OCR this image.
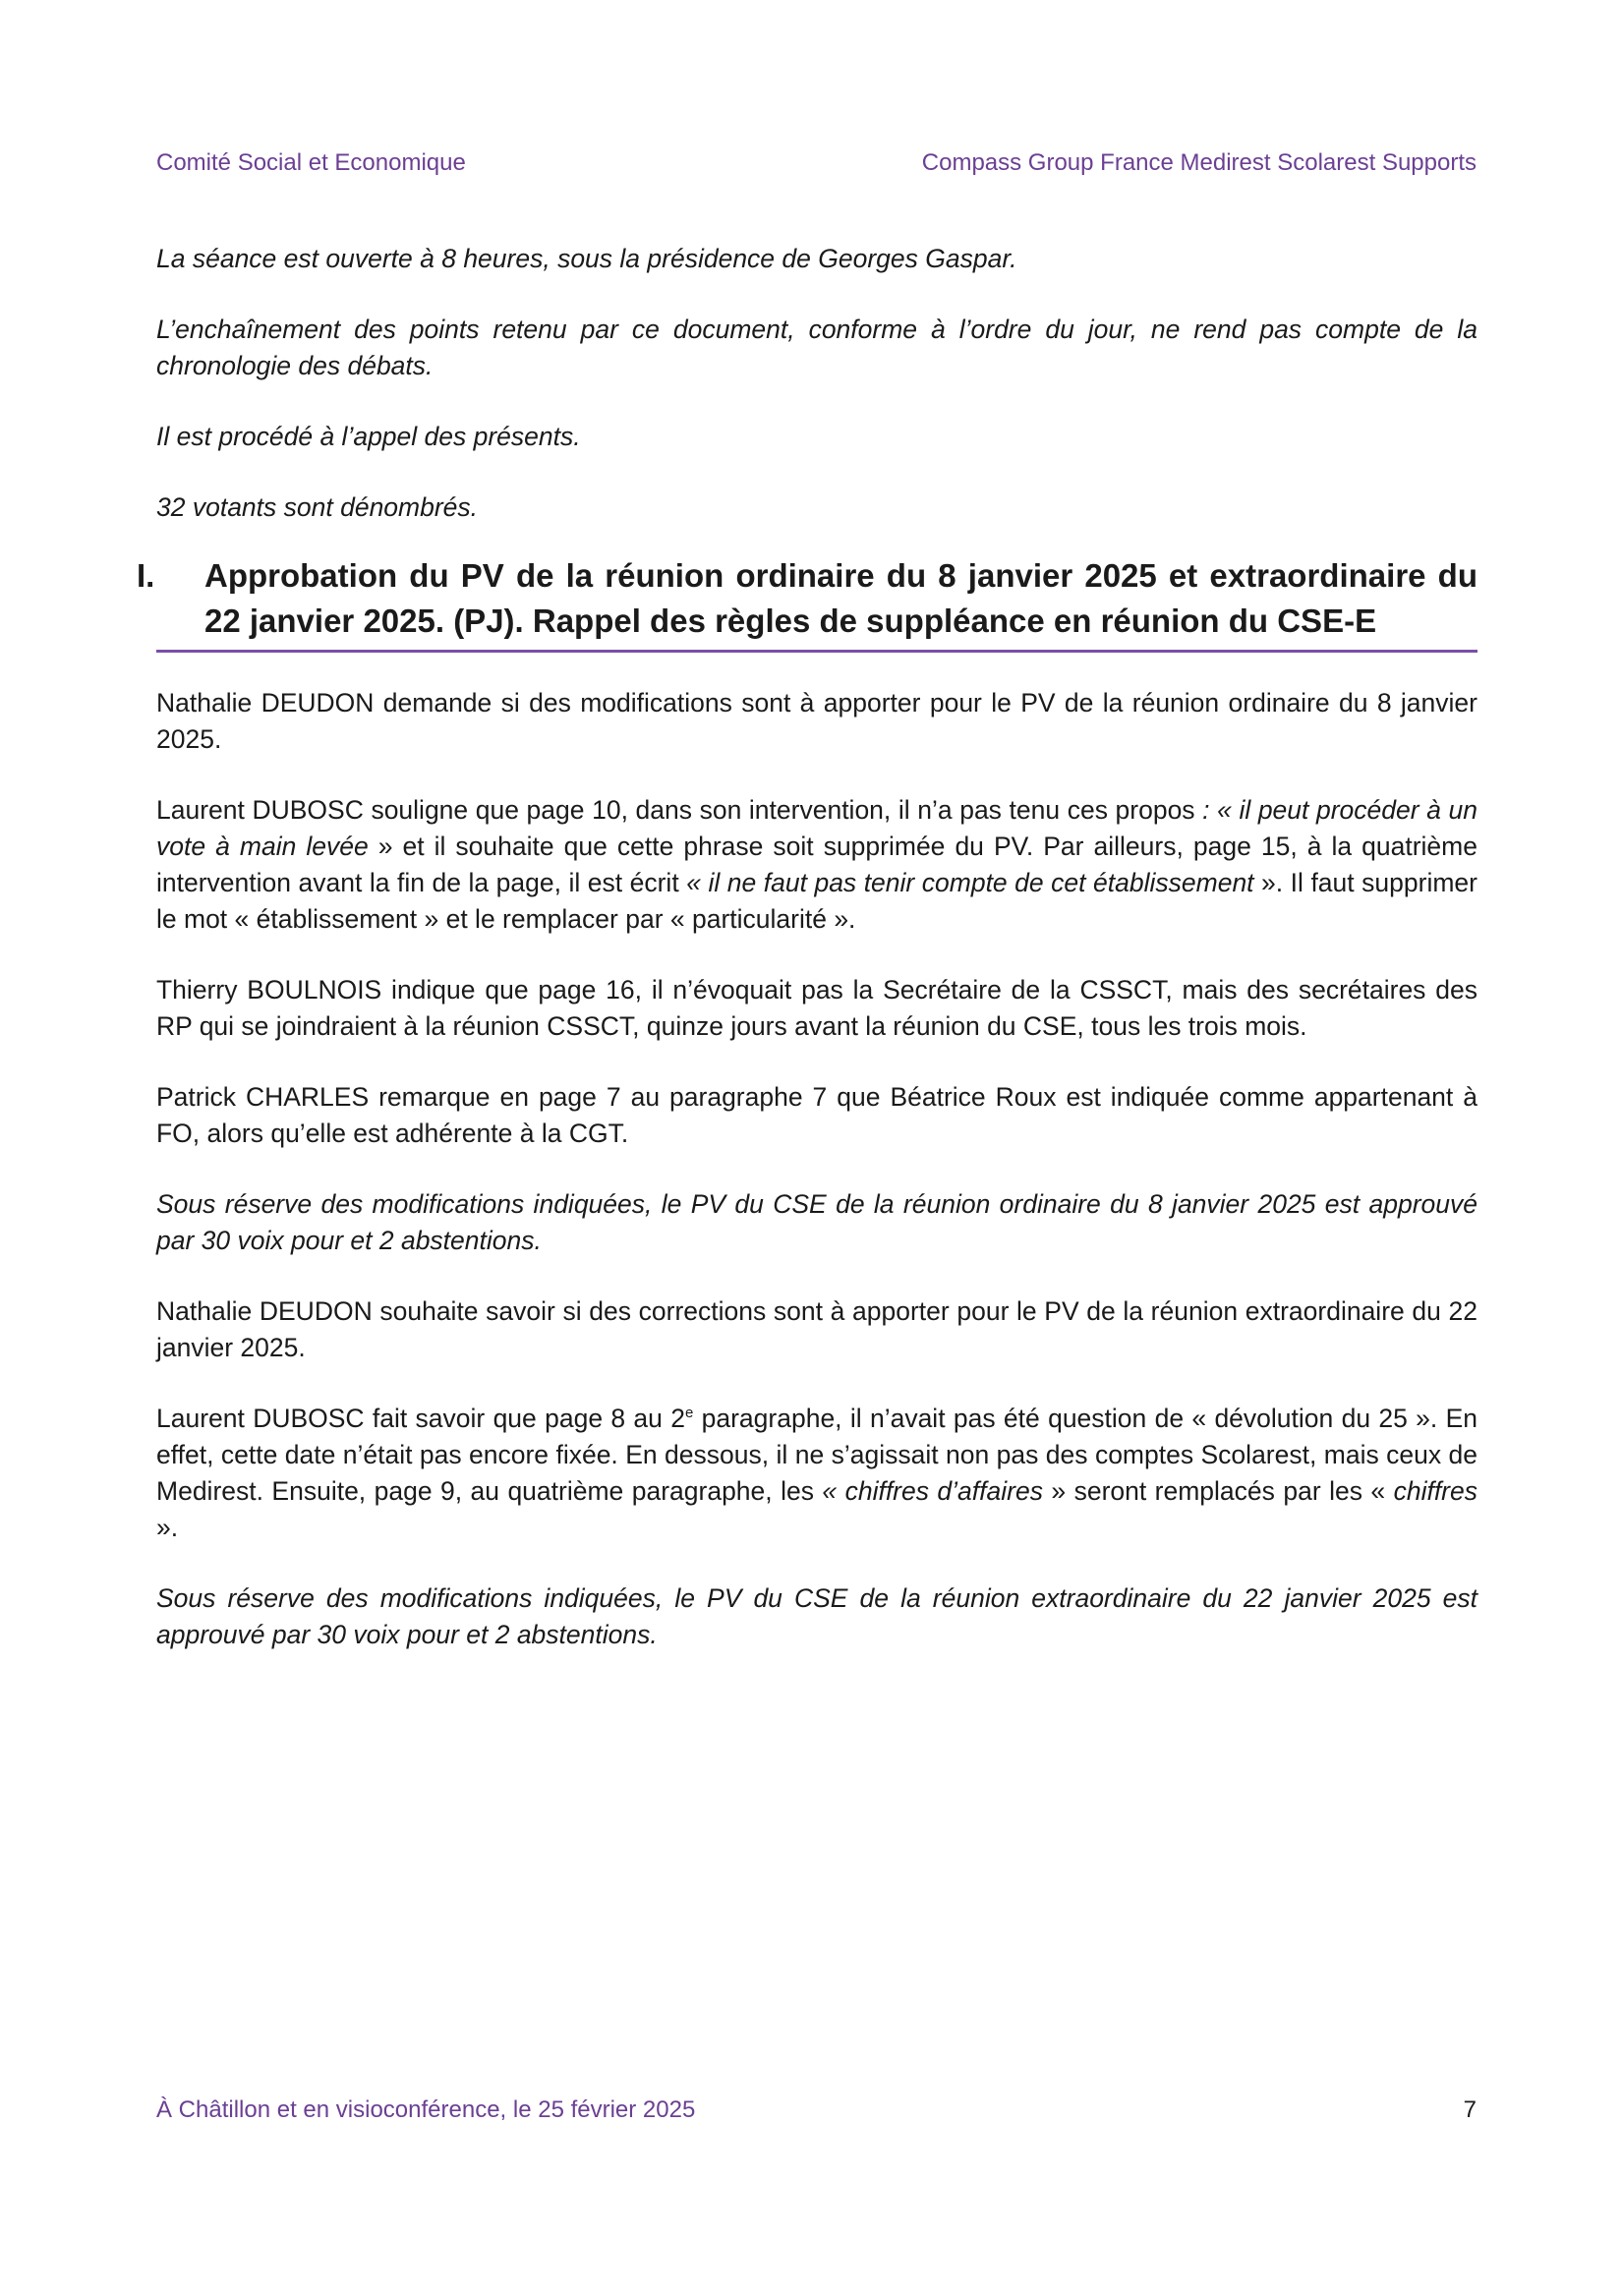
Comité Social et Economique	Compass Group France Medirest Scolarest Supports

La séance est ouverte à 8 heures, sous la présidence de Georges Gaspar.

L’enchaînement des points retenu par ce document, conforme à l’ordre du jour, ne rend pas compte de la chronologie des débats.

Il est procédé à l’appel des présents.

32 votants sont dénombrés.

I. Approbation du PV de la réunion ordinaire du 8 janvier 2025 et extraordinaire du 22 janvier 2025. (PJ). Rappel des règles de suppléance en réunion du CSE-E

Nathalie DEUDON demande si des modifications sont à apporter pour le PV de la réunion ordinaire du 8 janvier 2025.

Laurent DUBOSC souligne que page 10, dans son intervention, il n’a pas tenu ces propos : « il peut procéder à un vote à main levée » et il souhaite que cette phrase soit supprimée du PV. Par ailleurs, page 15, à la quatrième intervention avant la fin de la page, il est écrit « il ne faut pas tenir compte de cet établissement ». Il faut supprimer le mot « établissement » et le remplacer par « particularité ».

Thierry BOULNOIS indique que page 16, il n’évoquait pas la Secrétaire de la CSSCT, mais des secrétaires des RP qui se joindraient à la réunion CSSCT, quinze jours avant la réunion du CSE, tous les trois mois.

Patrick CHARLES remarque en page 7 au paragraphe 7 que Béatrice Roux est indiquée comme appartenant à FO, alors qu’elle est adhérente à la CGT.

Sous réserve des modifications indiquées, le PV du CSE de la réunion ordinaire du 8 janvier 2025 est approuvé par 30 voix pour et 2 abstentions.

Nathalie DEUDON souhaite savoir si des corrections sont à apporter pour le PV de la réunion extraordinaire du 22 janvier 2025.

Laurent DUBOSC fait savoir que page 8 au 2e paragraphe, il n’avait pas été question de « dévolution du 25 ». En effet, cette date n’était pas encore fixée. En dessous, il ne s’agissait non pas des comptes Scolarest, mais ceux de Medirest. Ensuite, page 9, au quatrième paragraphe, les « chiffres d’affaires » seront remplacés par les « chiffres ».

Sous réserve des modifications indiquées, le PV du CSE de la réunion extraordinaire du 22 janvier 2025 est approuvé par 30 voix pour et 2 abstentions.

À Châtillon et en visioconférence, le 25 février 2025	7
